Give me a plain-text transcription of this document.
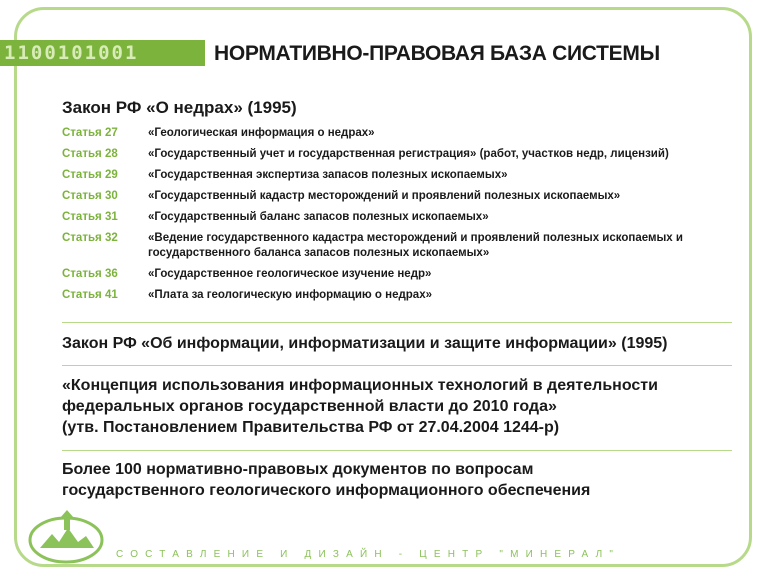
1100101001	НОРМАТИВНО-ПРАВОВАЯ БАЗА СИСТЕМЫ
Закон РФ «О недрах» (1995)
Статья 27	«Геологическая информация о недрах»
Статья 28	«Государственный учет и государственная регистрация» (работ, участков недр, лицензий)
Статья 29	«Государственная экспертиза запасов полезных ископаемых»
Статья 30	«Государственный кадастр месторождений и проявлений полезных ископаемых»
Статья 31	«Государственный баланс запасов полезных ископаемых»
Статья 32	«Ведение государственного кадастра месторождений и проявлений полезных ископаемых и государственного баланса запасов полезных ископаемых»
Статья 36	«Государственное геологическое изучение недр»
Статья 41	«Плата за геологическую информацию о недрах»
Закон РФ «Об информации, информатизации и защите информации» (1995)
«Концепция использования информационных технологий в деятельности
федеральных органов государственной власти до 2010 года»
(утв. Постановлением Правительства РФ от 27.04.2004 1244-р)
Более 100 нормативно-правовых документов по вопросам
государственного геологического информационного обеспечения
СОСТАВЛЕНИЕ И ДИЗАЙН - ЦЕНТР "МИНЕРАЛ"
